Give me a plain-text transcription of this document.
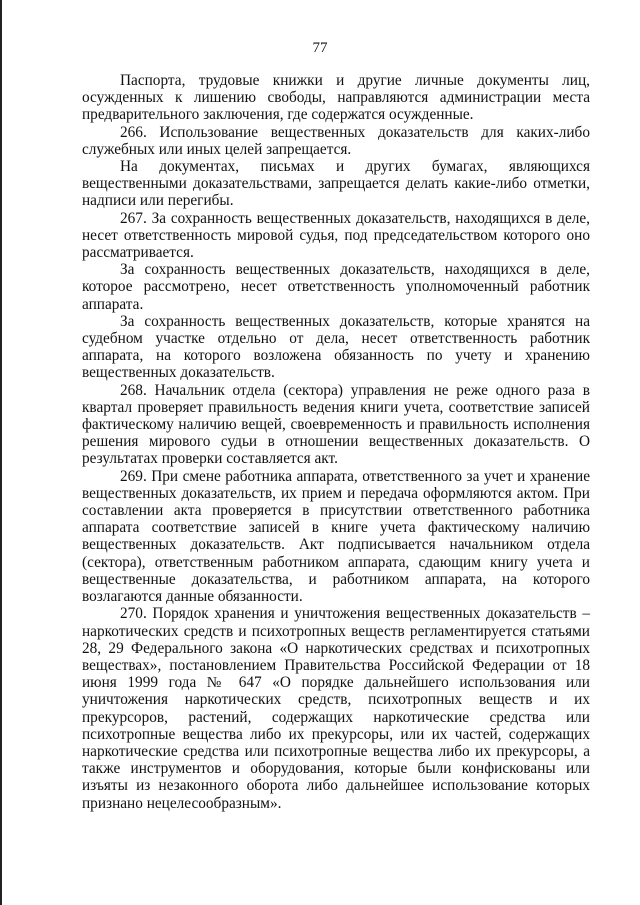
77

Паспорта, трудовые книжки и другие личные документы лиц, осужденных к лишению свободы, направляются администрации места предварительного заключения, где содержатся осужденные.

266. Использование вещественных доказательств для каких-либо служебных или иных целей запрещается.

На документах, письмах и других бумагах, являющихся вещественными доказательствами, запрещается делать какие-либо отметки, надписи или перегибы.

267. За сохранность вещественных доказательств, находящихся в деле, несет ответственность мировой судья, под председательством которого оно рассматривается.

За сохранность вещественных доказательств, находящихся в деле, которое рассмотрено, несет ответственность уполномоченный работник аппарата.

За сохранность вещественных доказательств, которые хранятся на судебном участке отдельно от дела, несет ответственность работник аппарата, на которого возложена обязанность по учету и хранению вещественных доказательств.

268. Начальник отдела (сектора) управления не реже одного раза в квартал проверяет правильность ведения книги учета, соответствие записей фактическому наличию вещей, своевременность и правильность исполнения решения мирового судьи в отношении вещественных доказательств. О результатах проверки составляется акт.

269. При смене работника аппарата, ответственного за учет и хранение вещественных доказательств, их прием и передача оформляются актом. При составлении акта проверяется в присутствии ответственного работника аппарата соответствие записей в книге учета фактическому наличию вещественных доказательств. Акт подписывается начальником отдела (сектора), ответственным работником аппарата, сдающим книгу учета и вещественные доказательства, и работником аппарата, на которого возлагаются данные обязанности.

270. Порядок хранения и уничтожения вещественных доказательств – наркотических средств и психотропных веществ регламентируется статьями 28, 29 Федерального закона «О наркотических средствах и психотропных веществах», постановлением Правительства Российской Федерации от 18 июня 1999 года № 647 «О порядке дальнейшего использования или уничтожения наркотических средств, психотропных веществ и их прекурсоров, растений, содержащих наркотические средства или психотропные вещества либо их прекурсоры, или их частей, содержащих наркотические средства или психотропные вещества либо их прекурсоры, а также инструментов и оборудования, которые были конфискованы или изъяты из незаконного оборота либо дальнейшее использование которых признано нецелесообразным».
